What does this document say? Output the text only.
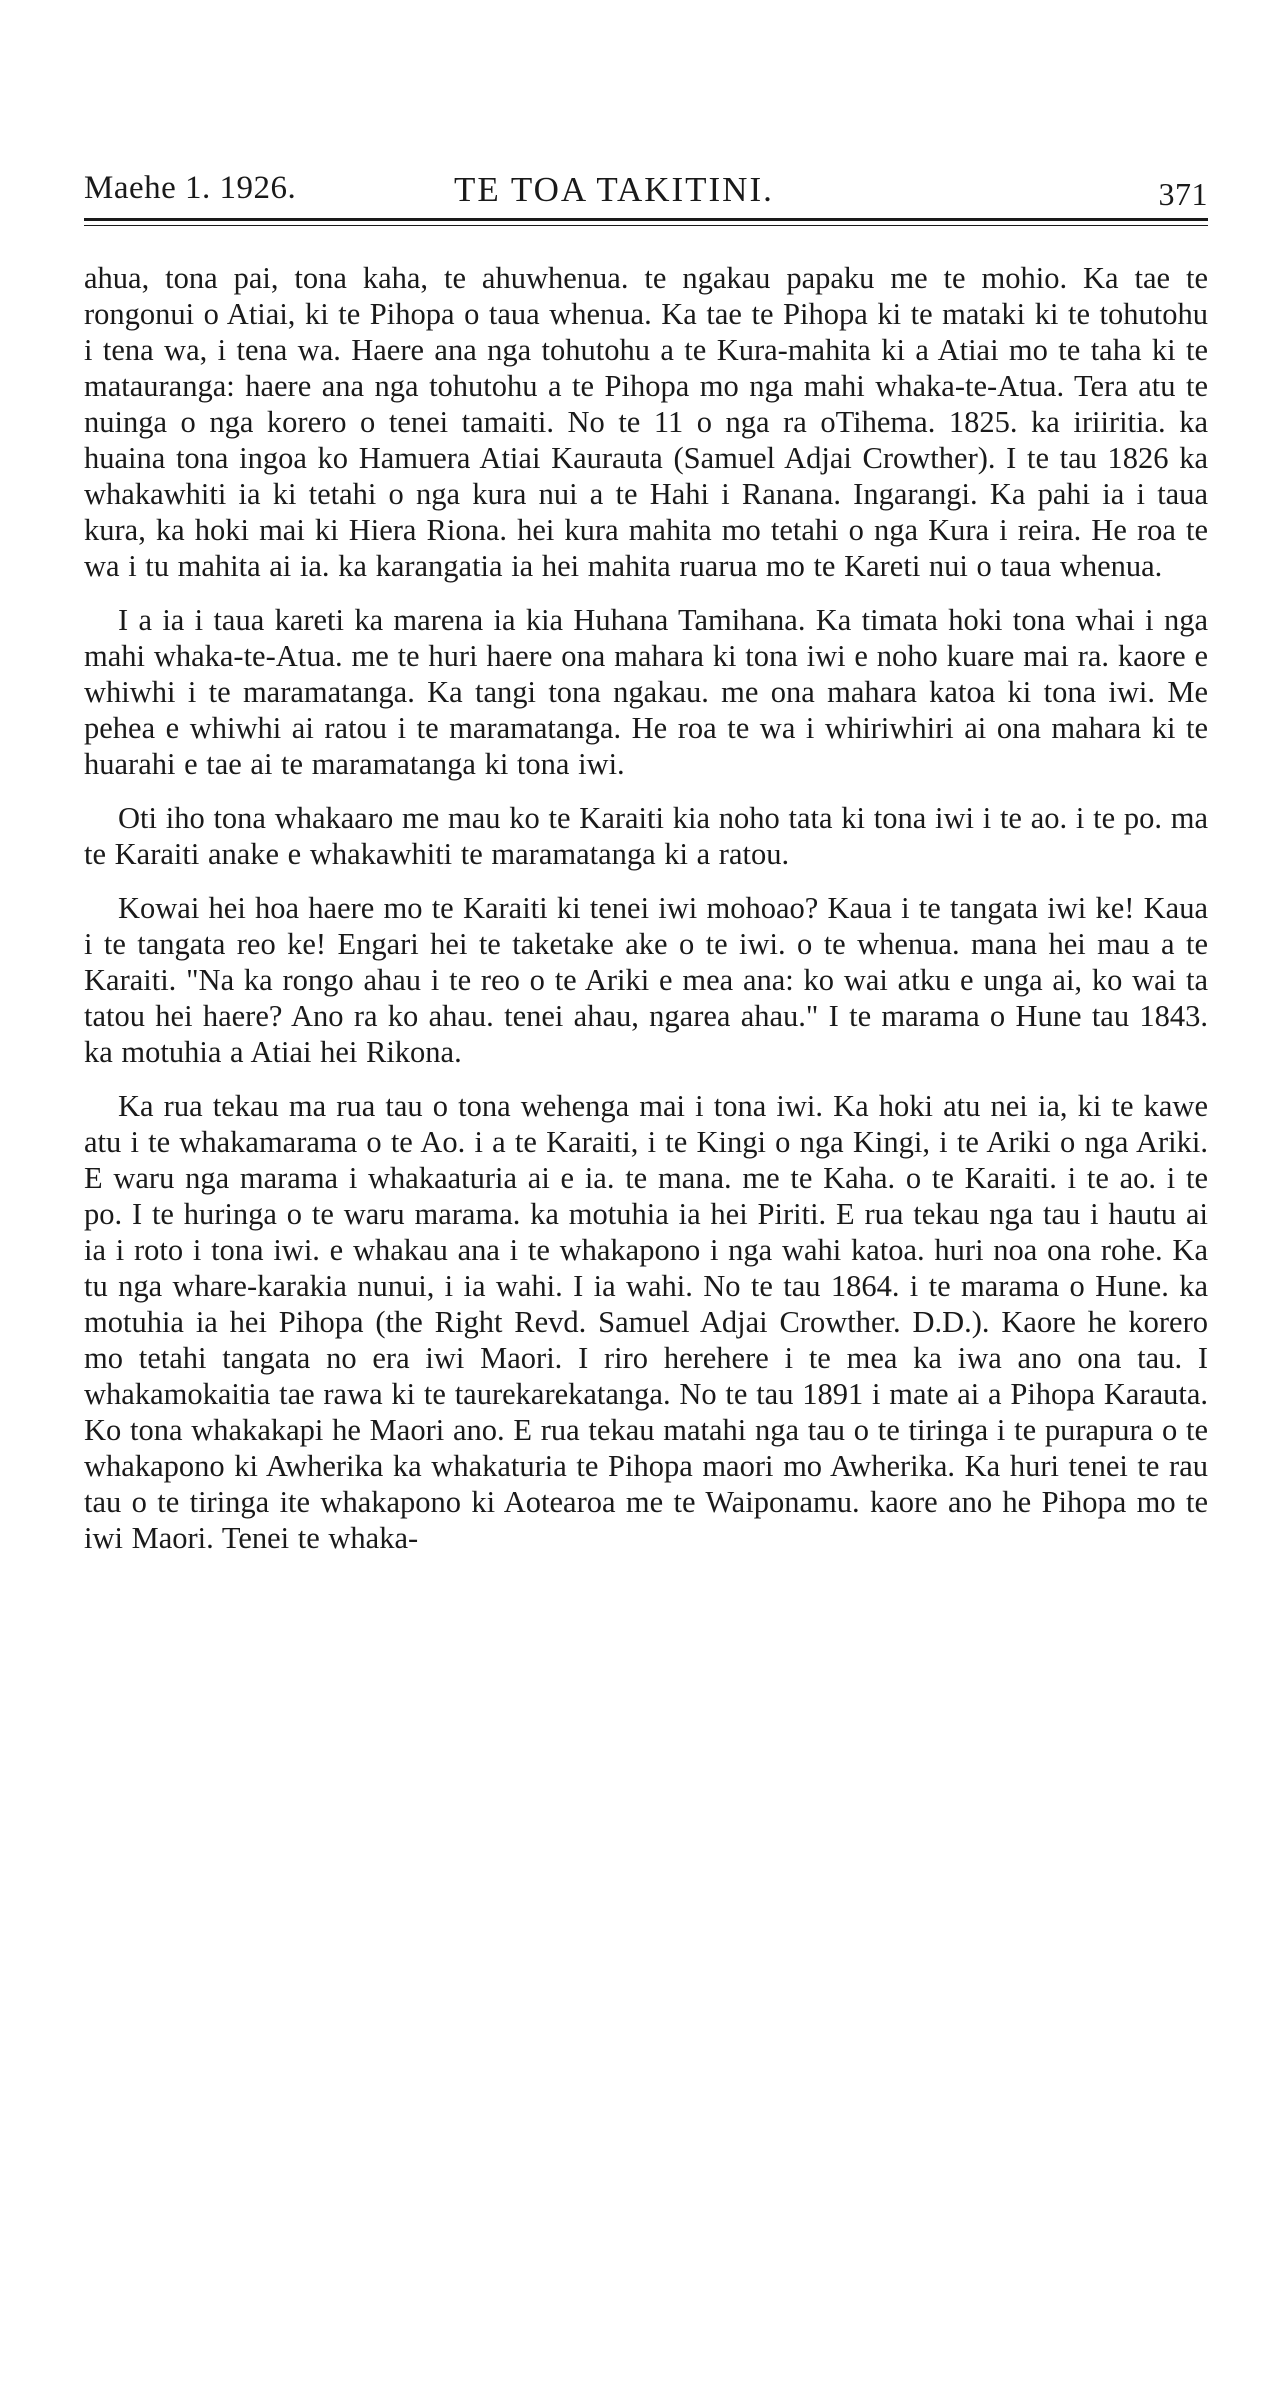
Maehe 1. 1926.	TE TOA TAKITINI.	371

ahua, tona pai, tona kaha, te ahuwhenua. te ngakau papaku me te mohio. Ka tae te rongonui o Atiai, ki te Pihopa o taua whenua. Ka tae te Pihopa ki te mataki ki te tohutohu i tena wa, i tena wa. Haere ana nga tohutohu a te Kura-mahita ki a Atiai mo te taha ki te matauranga: haere ana nga tohutohu a te Pihopa mo nga mahi whaka-te-Atua. Tera atu te nuinga o nga korero o tenei tamaiti. No te 11 o nga ra oTihema. 1825. ka iriiritia. ka huaina tona ingoa ko Hamuera Atiai Kaurauta (Samuel Adjai Crowther). I te tau 1826 ka whakawhiti ia ki tetahi o nga kura nui a te Hahi i Ranana. Ingarangi. Ka pahi ia i taua kura, ka hoki mai ki Hiera Riona. hei kura mahita mo tetahi o nga Kura i reira. He roa te wa i tu mahita ai ia. ka karangatia ia hei mahita ruarua mo te Kareti nui o taua whenua.

I a ia i taua kareti ka marena ia kia Huhana Tamihana. Ka timata hoki tona whai i nga mahi whaka-te-Atua. me te huri haere ona mahara ki tona iwi e noho kuare mai ra. kaore e whiwhi i te maramatanga. Ka tangi tona ngakau. me ona mahara katoa ki tona iwi. Me pehea e whiwhi ai ratou i te maramatanga. He roa te wa i whiriwhiri ai ona mahara ki te huarahi e tae ai te maramatanga ki tona iwi.

Oti iho tona whakaaro me mau ko te Karaiti kia noho tata ki tona iwi i te ao. i te po. ma te Karaiti anake e whakawhiti te maramatanga ki a ratou.

Kowai hei hoa haere mo te Karaiti ki tenei iwi mohoao? Kaua i te tangata iwi ke! Kaua i te tangata reo ke! Engari hei te taketake ake o te iwi. o te whenua. mana hei mau a te Karaiti. "Na ka rongo ahau i te reo o te Ariki e mea ana: ko wai atku e unga ai, ko wai ta tatou hei haere? Ano ra ko ahau. tenei ahau, ngarea ahau." I te marama o Hune tau 1843. ka motuhia a Atiai hei Rikona.

Ka rua tekau ma rua tau o tona wehenga mai i tona iwi. Ka hoki atu nei ia, ki te kawe atu i te whakamarama o te Ao. i a te Karaiti, i te Kingi o nga Kingi, i te Ariki o nga Ariki. E waru nga marama i whakaaturia ai e ia. te mana. me te Kaha. o te Karaiti. i te ao. i te po. I te huringa o te waru marama. ka motuhia ia hei Piriti. E rua tekau nga tau i hautu ai ia i roto i tona iwi. e whakau ana i te whakapono i nga wahi katoa. huri noa ona rohe. Ka tu nga whare-karakia nunui, i ia wahi. I ia wahi. No te tau 1864. i te marama o Hune. ka motuhia ia hei Pihopa (the Right Revd. Samuel Adjai Crowther. D.D.). Kaore he korero mo tetahi tangata no era iwi Maori. I riro herehere i te mea ka iwa ano ona tau. I whakamokaitia tae rawa ki te taurekarekatanga. No te tau 1891 i mate ai a Pihopa Karauta. Ko tona whakakapi he Maori ano. E rua tekau matahi nga tau o te tiringa i te purapura o te whakapono ki Awherika ka whakaturia te Pihopa maori mo Awherika. Ka huri tenei te rau tau o te tiringa ite whakapono ki Aotearoa me te Waiponamu. kaore ano he Pihopa mo te iwi Maori. Tenei te whaka-
